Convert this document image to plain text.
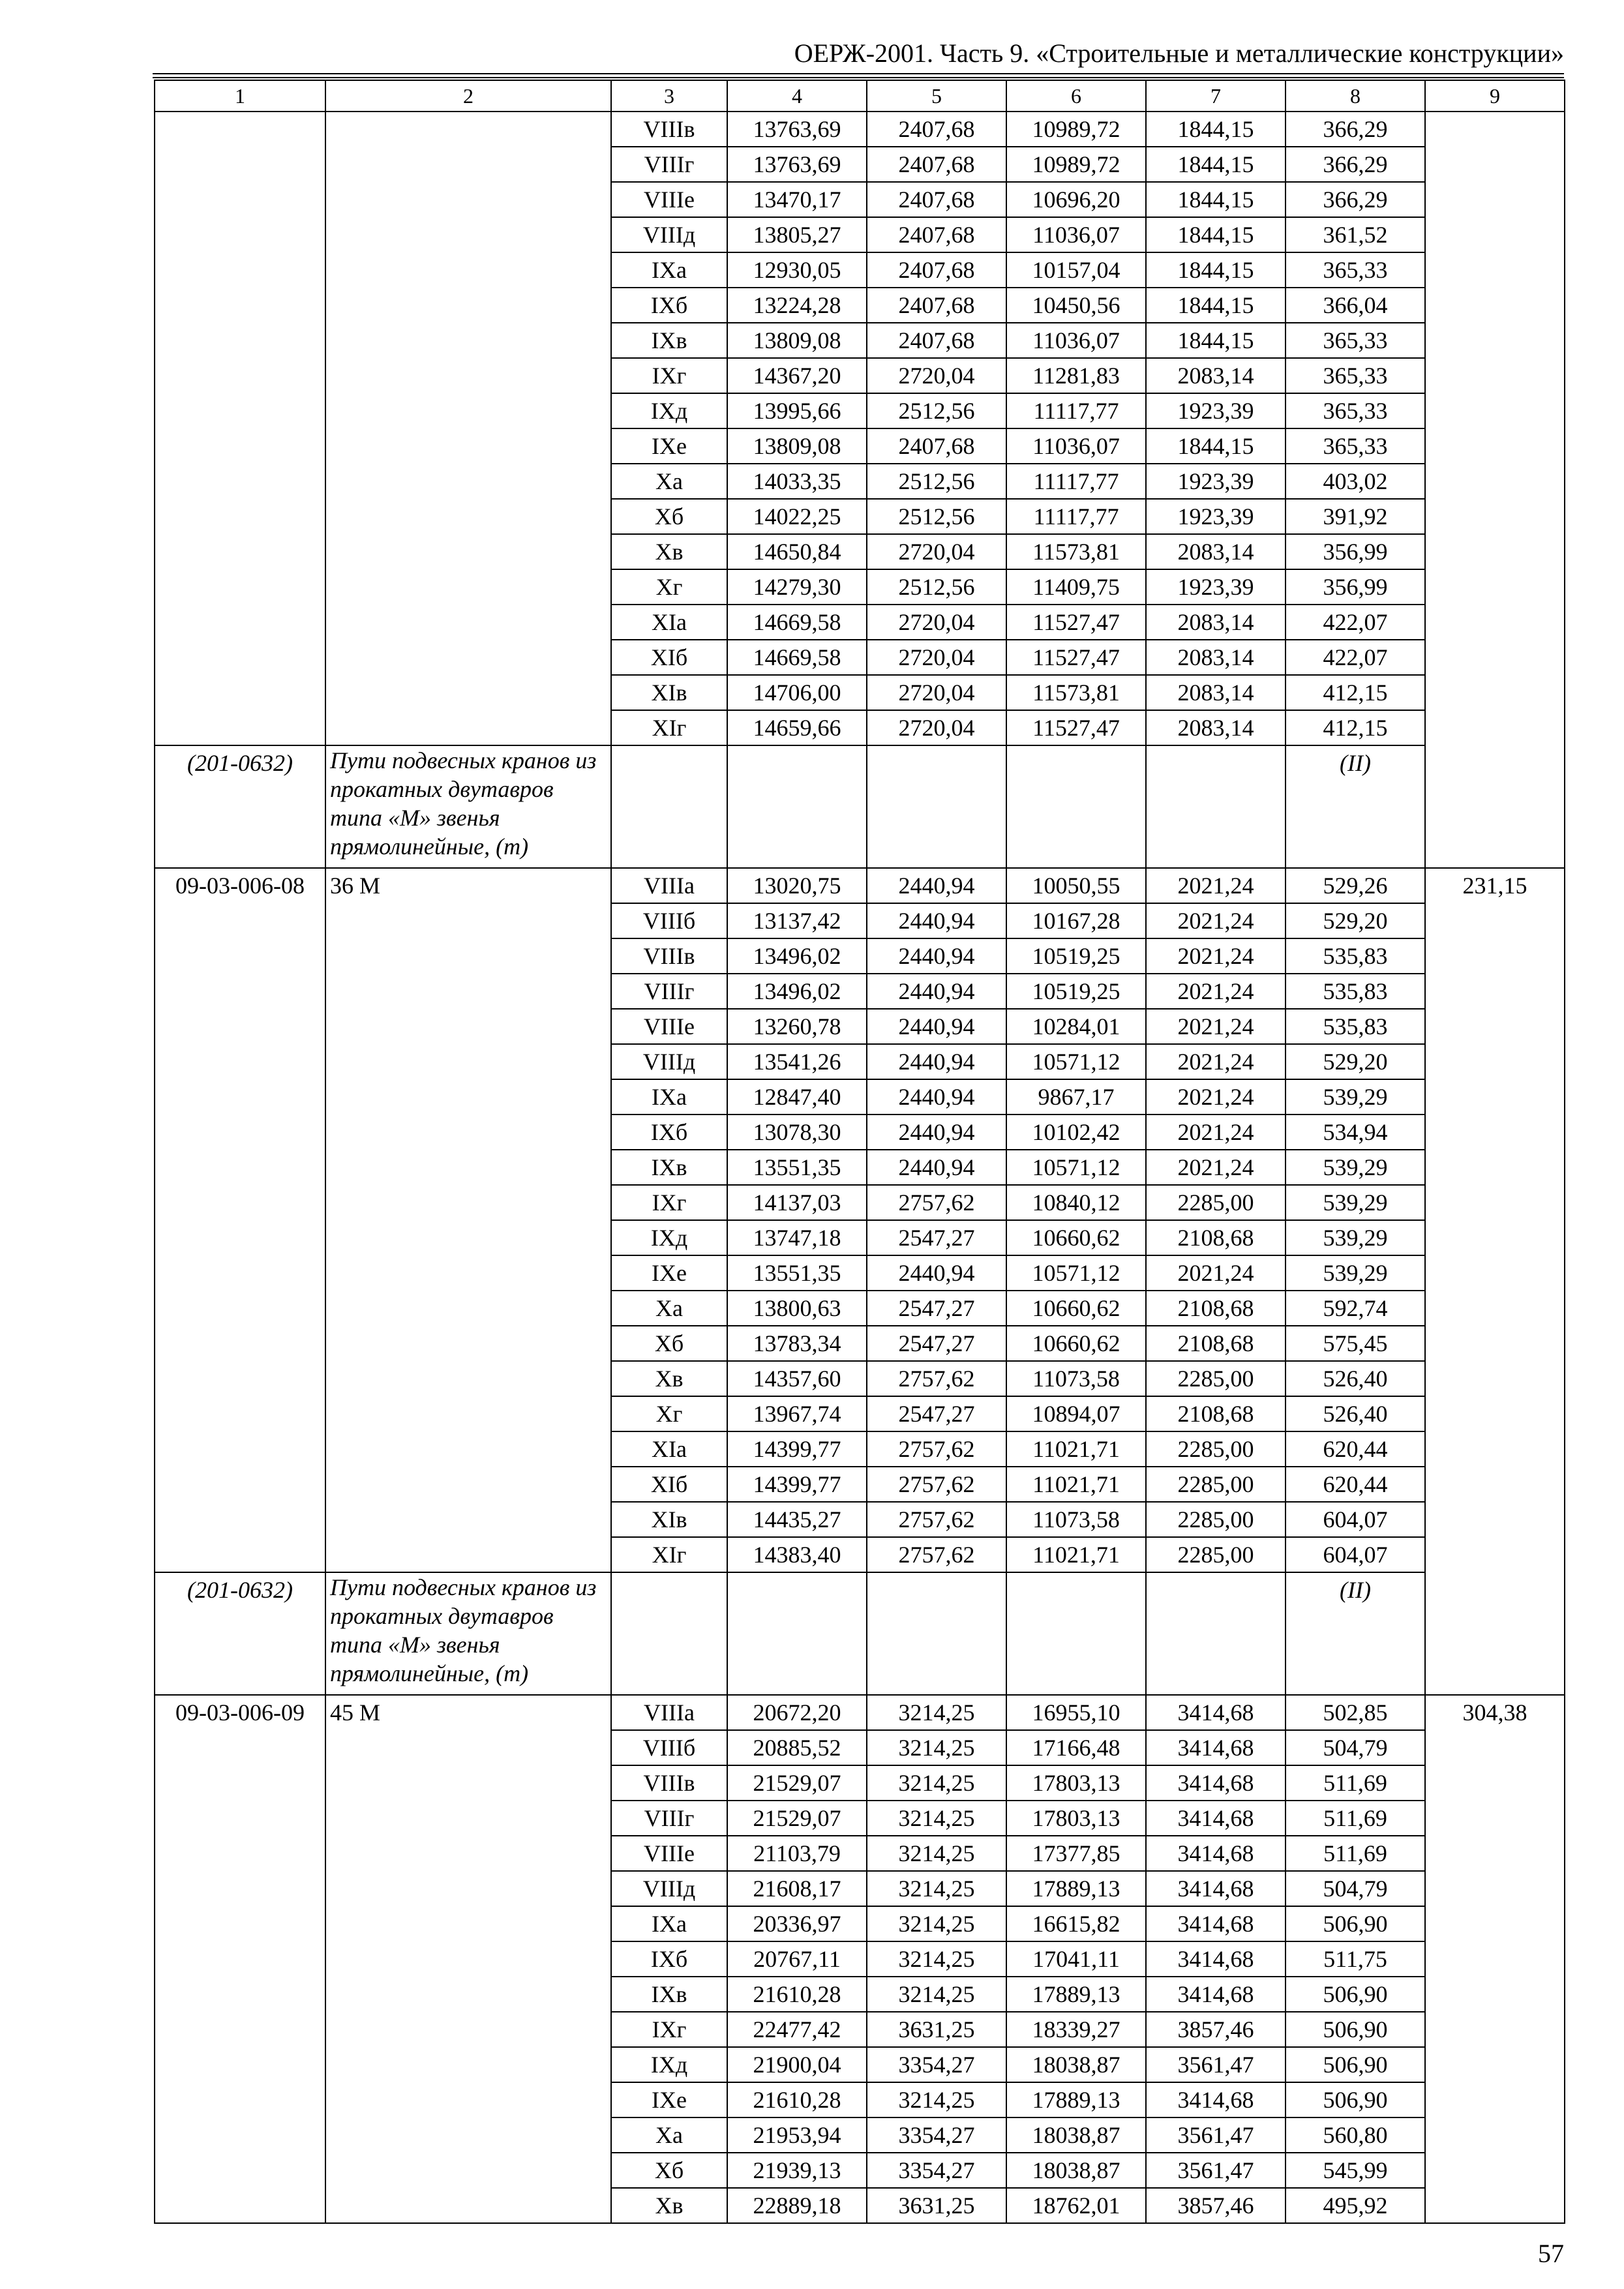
ОЕРЖ-2001. Часть 9. «Строительные и металлические конструкции»
1	2	3	4	5	6	7	8	9
		VIIIв	13763,69	2407,68	10989,72	1844,15	366,29	
		VIIIг	13763,69	2407,68	10989,72	1844,15	366,29	
		VIIIе	13470,17	2407,68	10696,20	1844,15	366,29	
		VIIIд	13805,27	2407,68	11036,07	1844,15	361,52	
		IXа	12930,05	2407,68	10157,04	1844,15	365,33	
		IXб	13224,28	2407,68	10450,56	1844,15	366,04	
		IXв	13809,08	2407,68	11036,07	1844,15	365,33	
		IXг	14367,20	2720,04	11281,83	2083,14	365,33	
		IXд	13995,66	2512,56	11117,77	1923,39	365,33	
		IXе	13809,08	2407,68	11036,07	1844,15	365,33	
		Xа	14033,35	2512,56	11117,77	1923,39	403,02	
		Xб	14022,25	2512,56	11117,77	1923,39	391,92	
		Xв	14650,84	2720,04	11573,81	2083,14	356,99	
		Xг	14279,30	2512,56	11409,75	1923,39	356,99	
		XIа	14669,58	2720,04	11527,47	2083,14	422,07	
		XIб	14669,58	2720,04	11527,47	2083,14	422,07	
		XIв	14706,00	2720,04	11573,81	2083,14	412,15	
		XIг	14659,66	2720,04	11527,47	2083,14	412,15	
(201-0632)	Пути подвесных кранов из прокатных двутавров типа «М» звенья прямолинейные, (т)						(II)	
09-03-006-08	36 М	VIIIа	13020,75	2440,94	10050,55	2021,24	529,26	231,15
		VIIIб	13137,42	2440,94	10167,28	2021,24	529,20	
		VIIIв	13496,02	2440,94	10519,25	2021,24	535,83	
		VIIIг	13496,02	2440,94	10519,25	2021,24	535,83	
		VIIIе	13260,78	2440,94	10284,01	2021,24	535,83	
		VIIIд	13541,26	2440,94	10571,12	2021,24	529,20	
		IXа	12847,40	2440,94	9867,17	2021,24	539,29	
		IXб	13078,30	2440,94	10102,42	2021,24	534,94	
		IXв	13551,35	2440,94	10571,12	2021,24	539,29	
		IXг	14137,03	2757,62	10840,12	2285,00	539,29	
		IXд	13747,18	2547,27	10660,62	2108,68	539,29	
		IXе	13551,35	2440,94	10571,12	2021,24	539,29	
		Xа	13800,63	2547,27	10660,62	2108,68	592,74	
		Xб	13783,34	2547,27	10660,62	2108,68	575,45	
		Xв	14357,60	2757,62	11073,58	2285,00	526,40	
		Xг	13967,74	2547,27	10894,07	2108,68	526,40	
		XIа	14399,77	2757,62	11021,71	2285,00	620,44	
		XIб	14399,77	2757,62	11021,71	2285,00	620,44	
		XIв	14435,27	2757,62	11073,58	2285,00	604,07	
		XIг	14383,40	2757,62	11021,71	2285,00	604,07	
(201-0632)	Пути подвесных кранов из прокатных двутавров типа «М» звенья прямолинейные, (т)						(II)	
09-03-006-09	45 М	VIIIа	20672,20	3214,25	16955,10	3414,68	502,85	304,38
		VIIIб	20885,52	3214,25	17166,48	3414,68	504,79	
		VIIIв	21529,07	3214,25	17803,13	3414,68	511,69	
		VIIIг	21529,07	3214,25	17803,13	3414,68	511,69	
		VIIIе	21103,79	3214,25	17377,85	3414,68	511,69	
		VIIIд	21608,17	3214,25	17889,13	3414,68	504,79	
		IXа	20336,97	3214,25	16615,82	3414,68	506,90	
		IXб	20767,11	3214,25	17041,11	3414,68	511,75	
		IXв	21610,28	3214,25	17889,13	3414,68	506,90	
		IXг	22477,42	3631,25	18339,27	3857,46	506,90	
		IXд	21900,04	3354,27	18038,87	3561,47	506,90	
		IXе	21610,28	3214,25	17889,13	3414,68	506,90	
		Xа	21953,94	3354,27	18038,87	3561,47	560,80	
		Xб	21939,13	3354,27	18038,87	3561,47	545,99	
		Xв	22889,18	3631,25	18762,01	3857,46	495,92	
57
